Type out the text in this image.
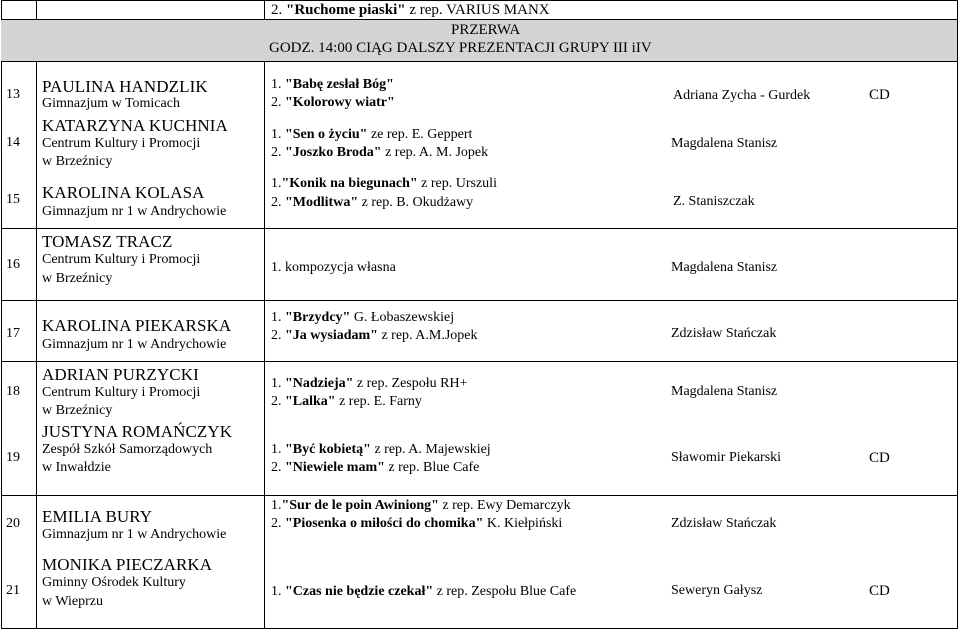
2. "Ruchome piaski" z rep. VARIUS MANX
PRZERWA
GODZ. 14:00 CIĄG DALSZY PREZENTACJI GRUPY III iIV
13
14
15
16
17
18
19
20
21
PAULINA HANDZLIK
KATARZYNA KUCHNIA
KAROLINA KOLASA
TOMASZ TRACZ
KAROLINA PIEKARSKA
ADRIAN PURZYCKI
JUSTYNA ROMAŃCZYK
EMILIA BURY
MONIKA PIECZARKA
Gimnazjum w Tomicach
Centrum Kultury i Promocji
w Brzeźnicy
Gimnazjum nr 1 w Andrychowie
Centrum Kultury i Promocji
w Brzeźnicy
Gimnazjum nr 1 w Andrychowie
Centrum Kultury i Promocji
w Brzeźnicy
Zespół Szkół Samorządowych
w Inwałdzie
Gimnazjum nr 1 w Andrychowie
Gminny Ośrodek Kultury
w Wieprzu
1. "Babę zesłał Bóg"
2. "Kolorowy wiatr"
1. "Sen o życiu" ze rep. E. Geppert
2. "Joszko Broda" z rep. A. M. Jopek
1."Konik na biegunach" z rep. Urszuli
2. "Modlitwa" z rep. B. Okudżawy
1. kompozycja własna
1. "Brzydcy" G. Łobaszewskiej
2. "Ja wysiadam" z rep. A.M.Jopek
1. "Nadzieja" z rep. Zespołu RH+
2. "Lalka" z rep. E. Farny
1. "Być kobietą" z rep. A. Majewskiej
2. "Niewiele mam" z rep. Blue Cafe
1."Sur de le poin Awiniong" z rep. Ewy Demarczyk
2. "Piosenka o miłości do chomika" K. Kiełpiński
1. "Czas nie będzie czekał" z rep. Zespołu Blue Cafe
Adriana Zycha - Gurdek
Magdalena Stanisz
Z. Staniszczak
Magdalena Stanisz
Zdzisław Stańczak
Magdalena Stanisz
Sławomir Piekarski
Zdzisław Stańczak
Seweryn Gałysz
CD
CD
CD
